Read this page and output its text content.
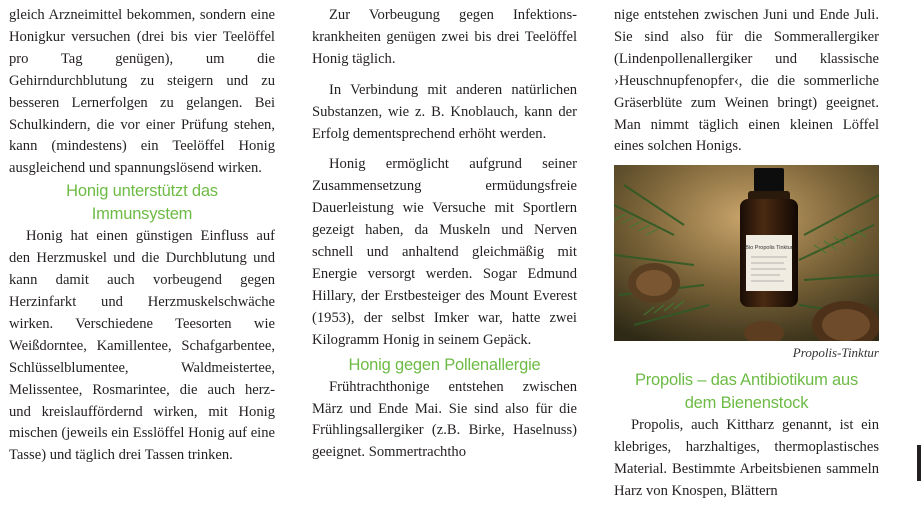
gleich Arzneimittel bekommen, sondern eine Honigkur versuchen (drei bis vier Teelöffel pro Tag genügen), um die Gehirndurchblutung zu steigern und zu besseren Lernerfolgen zu gelangen. Bei Schulkindern, die vor einer Prüfung stehen, kann (mindestens) ein Teelöffel Honig ausgleichend und spannungslösend wirken.

Honig unterstützt das
Immunsystem

Honig hat einen günstigen Einfluss auf den Herzmuskel und die Durchblutung und kann damit auch vorbeugend gegen Herzinfarkt und Herzmuskelschwäche wirken. Verschiedene Teesorten wie Weißdorntee, Kamillentee, Schafgarbentee, Schlüsselblumentee, Waldmeistertee, Melissentee, Rosmarintee, die auch herz- und kreislauffördernd wirken, mit Honig mischen (jeweils ein Esslöffel Honig auf eine Tasse) und täglich drei Tassen trinken.

Zur Vorbeugung gegen Infektionskrankheiten genügen zwei bis drei Teelöffel Honig täglich.

In Verbindung mit anderen natürlichen Substanzen, wie z. B. Knoblauch, kann der Erfolg dementsprechend erhöht werden.

Honig ermöglicht aufgrund seiner Zusammensetzung ermüdungsfreie Dauerleistung wie Versuche mit Sportlern gezeigt haben, da Muskeln und Nerven schnell und anhaltend gleichmäßig mit Energie versorgt werden. Sogar Edmund Hillary, der Erstbesteiger des Mount Everest (1953), der selbst Imker war, hatte zwei Kilogramm Honig in seinem Gepäck.

Honig gegen Pollenallergie

Frühtrachthonige entstehen zwischen März und Ende Mai. Sie sind also für die Frühlingsallergiker (z.B. Birke, Haselnuss) geeignet. Sommertrachtho

nige entstehen zwischen Juni und Ende Juli. Sie sind also für die Sommerallergiker (Lindenpollenallergiker und klassische ›Heuschnupfenopfer‹, die die sommerliche Gräserblüte zum Weinen bringt) geeignet. Man nimmt täglich einen kleinen Löffel eines solchen Honigs.

Bio Propolis Tinktur
Propolis-Tinktur
Propolis – das Antibiotikum aus
dem Bienenstock

Propolis, auch Kittharz genannt, ist ein klebriges, harzhaltiges, thermoplastisches Material. Bestimmte Arbeitsbienen sammeln Harz von Knospen, Blättern
